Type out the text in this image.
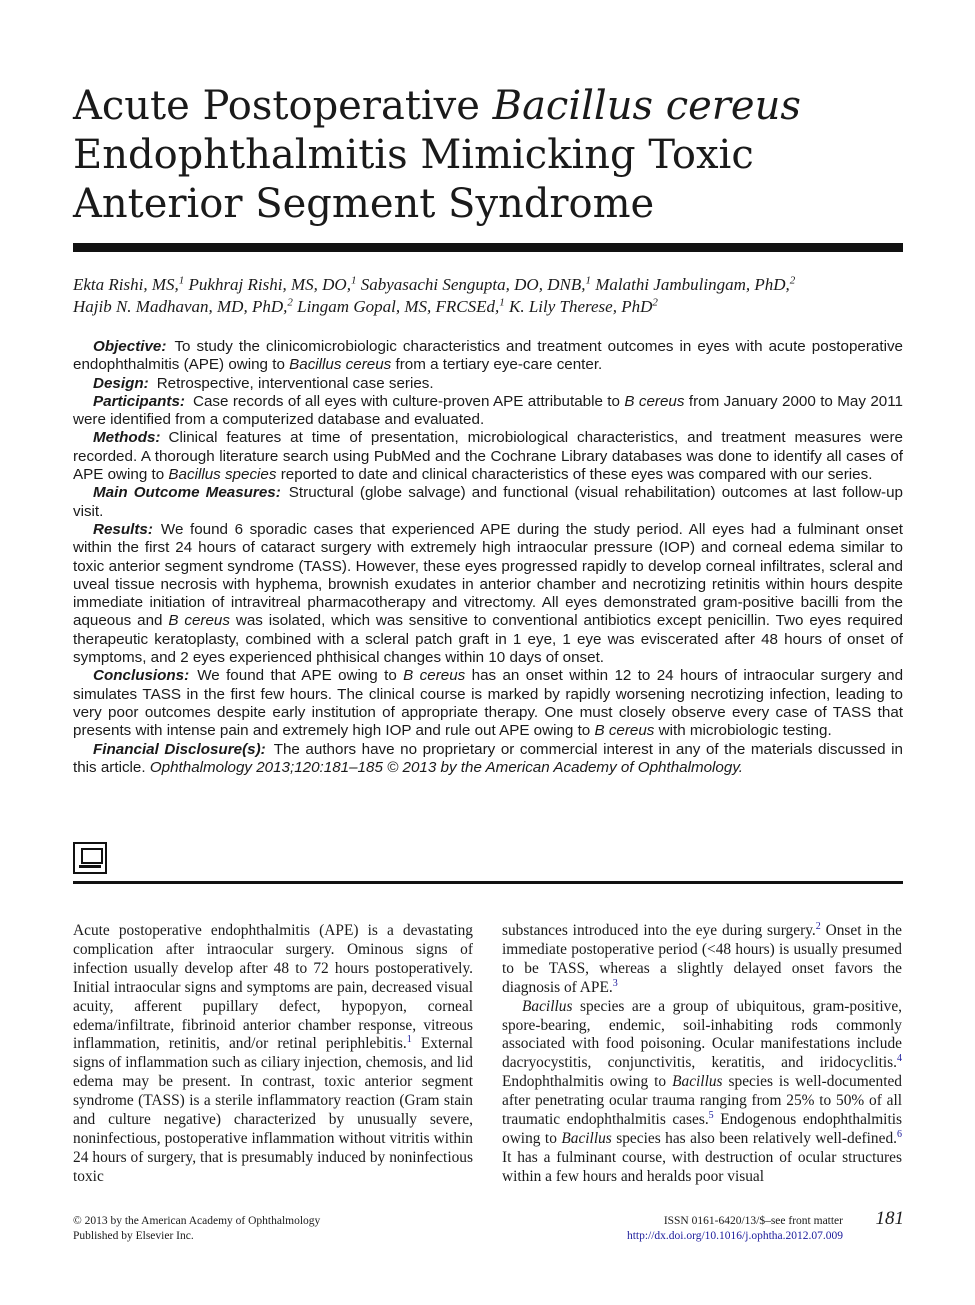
Acute Postoperative Bacillus cereus Endophthalmitis Mimicking Toxic Anterior Segment Syndrome
Ekta Rishi, MS,$^1$ Pukhraj Rishi, MS, DO,$^1$ Sabyasachi Sengupta, DO, DNB,$^1$ Malathi Jambulingam, PhD,$^2$
Hajib N. Madhavan, MD, PhD,$^2$ Lingam Gopal, MS, FRCSEd,$^1$ K. Lily Therese, PhD$^2$

Objective: To study the clinicomicrobiologic characteristics and treatment outcomes in eyes with acute postoperative endophthalmitis (APE) owing to Bacillus cereus from a tertiary eye-care center.

Design: Retrospective, interventional case series.

Participants: Case records of all eyes with culture-proven APE attributable to B cereus from January 2000 to May 2011 were identified from a computerized database and evaluated.

Methods: Clinical features at time of presentation, microbiological characteristics, and treatment measures were recorded. A thorough literature search using PubMed and the Cochrane Library databases was done to identify all cases of APE owing to Bacillus species reported to date and clinical characteristics of these eyes was compared with our series.

Main Outcome Measures: Structural (globe salvage) and functional (visual rehabilitation) outcomes at last follow-up visit.

Results: We found 6 sporadic cases that experienced APE during the study period. All eyes had a fulminant onset within the first 24 hours of cataract surgery with extremely high intraocular pressure (IOP) and corneal edema similar to toxic anterior segment syndrome (TASS). However, these eyes progressed rapidly to develop corneal infiltrates, scleral and uveal tissue necrosis with hyphema, brownish exudates in anterior chamber and necrotizing retinitis within hours despite immediate initiation of intravitreal pharmacotherapy and vitrectomy. All eyes demonstrated gram-positive bacilli from the aqueous and B cereus was isolated, which was sensitive to conventional antibiotics except penicillin. Two eyes required therapeutic keratoplasty, combined with a scleral patch graft in 1 eye, 1 eye was eviscerated after 48 hours of onset of symptoms, and 2 eyes experienced phthisical changes within 10 days of onset.

Conclusions: We found that APE owing to B cereus has an onset within 12 to 24 hours of intraocular surgery and simulates TASS in the first few hours. The clinical course is marked by rapidly worsening necrotizing infection, leading to very poor outcomes despite early institution of appropriate therapy. One must closely observe every case of TASS that presents with intense pain and extremely high IOP and rule out APE owing to B cereus with microbiologic testing.

Financial Disclosure(s): The authors have no proprietary or commercial interest in any of the materials discussed in this article. Ophthalmology 2013;120:181–185 © 2013 by the American Academy of Ophthalmology.

Acute postoperative endophthalmitis (APE) is a devastating complication after intraocular surgery. Ominous signs of infection usually develop after 48 to 72 hours postoperatively. Initial intraocular signs and symptoms are pain, decreased visual acuity, afferent pupillary defect, hypopyon, corneal edema/infiltrate, fibrinoid anterior chamber response, vitreous inflammation, retinitis, and/or retinal periphlebitis.$^1$ External signs of inflammation such as ciliary injection, chemosis, and lid edema may be present. In contrast, toxic anterior segment syndrome (TASS) is a sterile inflammatory reaction (Gram stain and culture negative) characterized by unusually severe, noninfectious, postoperative inflammation without vitritis within 24 hours of surgery, that is presumably induced by noninfectious toxic

substances introduced into the eye during surgery.$^2$ Onset in the immediate postoperative period (<48 hours) is usually presumed to be TASS, whereas a slightly delayed onset favors the diagnosis of APE.$^3$

Bacillus species are a group of ubiquitous, gram-positive, spore-bearing, endemic, soil-inhabiting rods commonly associated with food poisoning. Ocular manifestations include dacryocystitis, conjunctivitis, keratitis, and iridocyclitis.$^4$ Endophthalmitis owing to Bacillus species is well-documented after penetrating ocular trauma ranging from 25% to 50% of all traumatic endophthalmitis cases.$^5$ Endogenous endophthalmitis owing to Bacillus species has also been relatively well-defined.$^6$ It has a fulminant course, with destruction of ocular structures within a few hours and heralds poor visual

© 2013 by the American Academy of Ophthalmology
Published by Elsevier Inc.
ISSN 0161-6420/13/$–see front matter
http://dx.doi.org/10.1016/j.ophtha.2012.07.009
181
